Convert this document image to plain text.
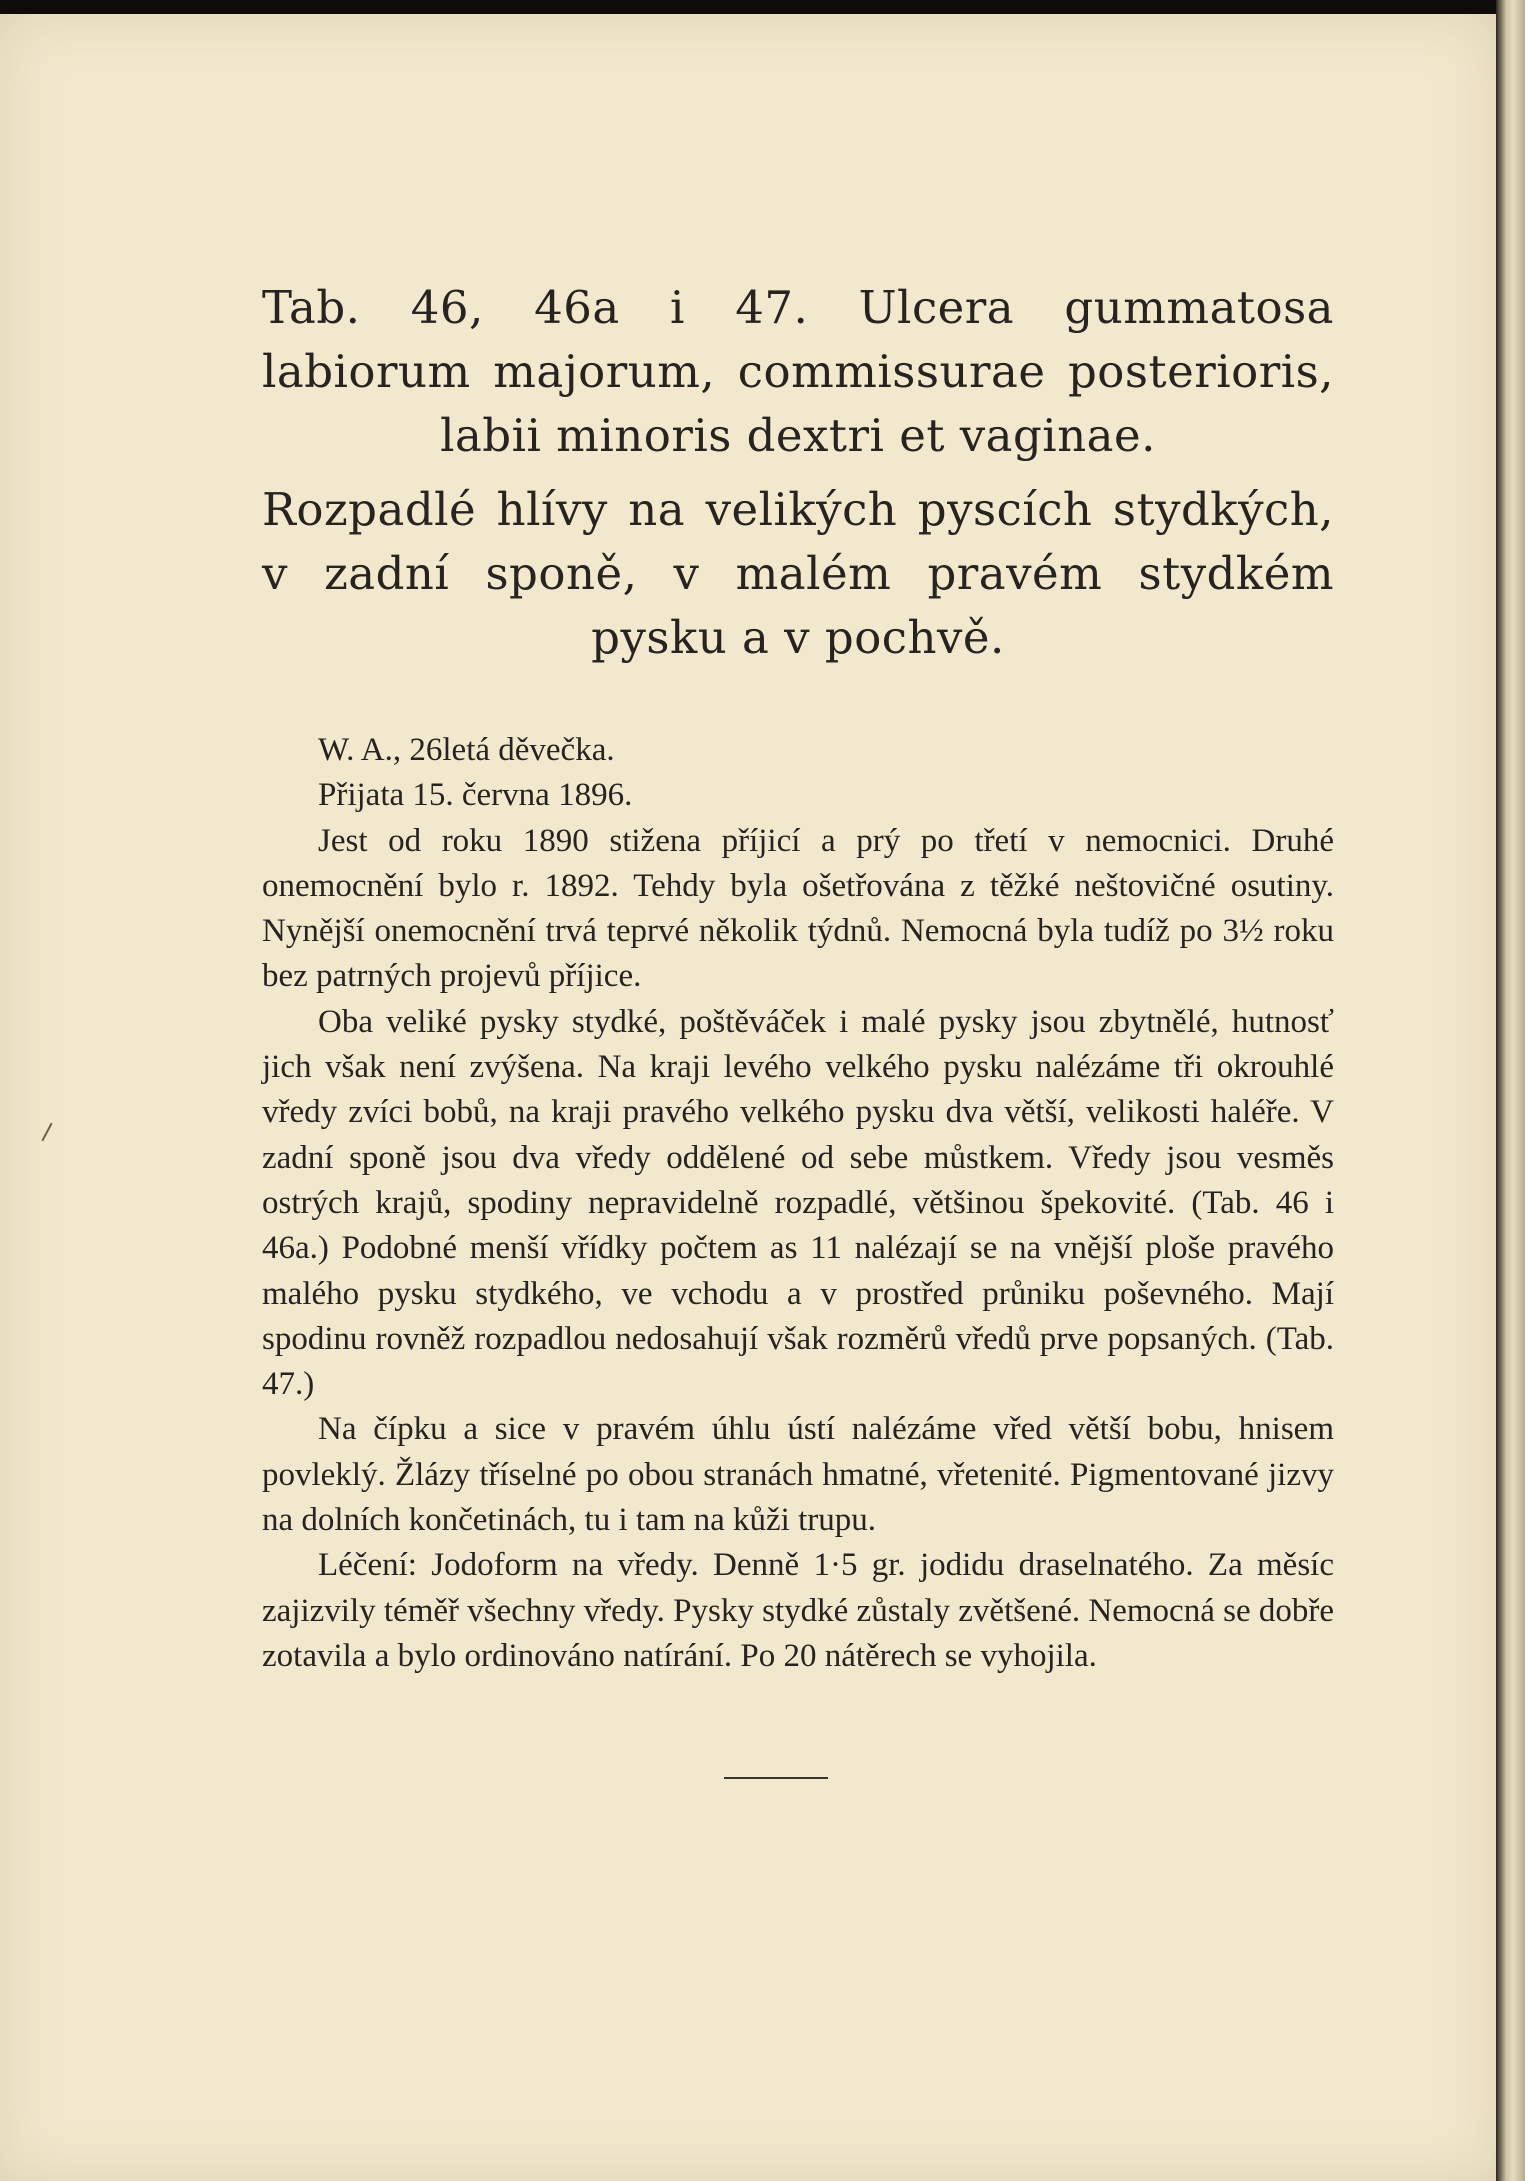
Tab. 46, 46a i 47. Ulcera gummatosa labiorum majorum, commissurae posterioris, labii minoris dextri et vaginae.

Rozpadlé hlívy na velikých pyscích stydkých, v zadní sponě, v malém pravém stydkém pysku a v pochvě.

W. A., 26letá děvečka.

Přijata 15. června 1896.

Jest od roku 1890 stižena příjicí a prý po třetí v nemocnici. Druhé onemocnění bylo r. 1892. Tehdy byla ošetřována z těžké neštovičné osutiny. Nynější onemocnění trvá teprvé několik týdnů. Nemocná byla tudíž po 3½ roku bez patrných projevů příjice.

Oba veliké pysky stydké, poštěváček i malé pysky jsou zbytnělé, hutnosť jich však není zvýšena. Na kraji levého velkého pysku nalézáme tři okrouhlé vředy zvíci bobů, na kraji pravého velkého pysku dva větší, velikosti haléře. V zadní sponě jsou dva vředy oddělené od sebe můstkem. Vředy jsou vesměs ostrých krajů, spodiny nepravidelně rozpadlé, většinou špekovité. (Tab. 46 i 46a.) Podobné menší vřídky počtem as 11 nalézají se na vnější ploše pravého malého pysku stydkého, ve vchodu a v prostřed průniku poševného. Mají spodinu rovněž rozpadlou nedosahují však rozměrů vředů prve popsaných. (Tab. 47.)

Na čípku a sice v pravém úhlu ústí nalézáme vřed větší bobu, hnisem povleklý. Žlázy tříselné po obou stranách hmatné, vřetenité. Pigmentované jizvy na dolních končetinách, tu i tam na kůži trupu.

Léčení: Jodoform na vředy. Denně 1·5 gr. jodidu draselnatého. Za měsíc zajizvily téměř všechny vředy. Pysky stydké zůstaly zvětšené. Nemocná se dobře zotavila a bylo ordinováno natírání. Po 20 nátěrech se vyhojila.
